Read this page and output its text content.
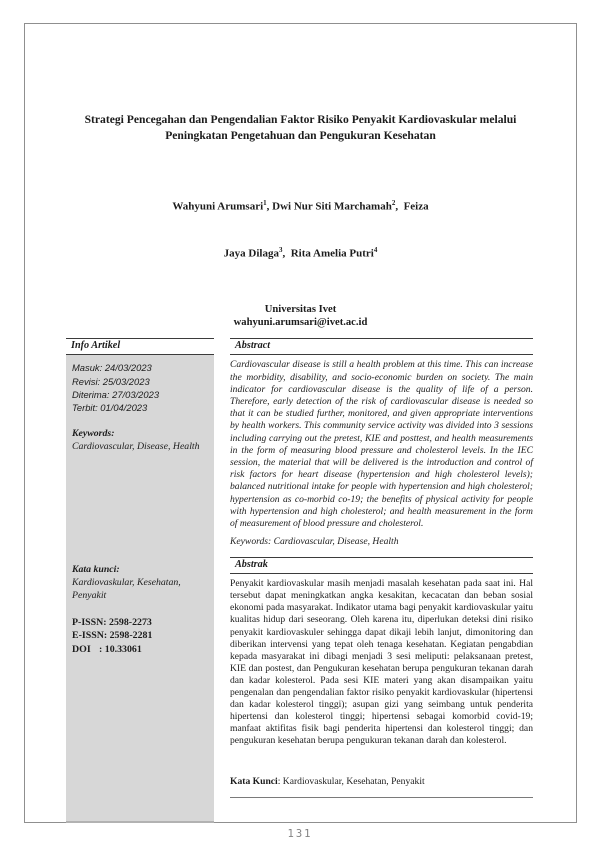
Strategi Pencegahan dan Pengendalian Faktor Risiko Penyakit Kardiovaskular melalui
Peningkatan Pengetahuan dan Pengukuran Kesehatan

Wahyuni Arumsari$^1$, Dwi Nur Siti Marchamah$^2$,  Feiza

Jaya Dilaga$^3$,  Rita Amelia Putri$^4$

Universitas Ivet
wahyuni.arumsari@ivet.ac.id
Info Artikel
Masuk: 24/03/2023
Revisi: 25/03/2023
Diterima: 27/03/2023
Terbit: 01/04/2023
Keywords:
Cardiovascular, Disease, Health
Kata kunci:
Kardiovaskular, Kesehatan, Penyakit
P-ISSN: 2598-2273
E-ISSN: 2598-2281
DOI : 10.33061
Abstract

Cardiovascular disease is still a health problem at this time. This can increase the morbidity, disability, and socio-economic burden on society. The main indicator for cardiovascular disease is the quality of life of a person. Therefore, early detection of the risk of cardiovascular disease is needed so that it can be studied further, monitored, and given appropriate interventions by health workers. This community service activity was divided into 3 sessions including carrying out the pretest, KIE and posttest, and health measurements in the form of measuring blood pressure and cholesterol levels. In the IEC session, the material that will be delivered is the introduction and control of risk factors for heart disease (hypertension and high cholesterol levels); balanced nutritional intake for people with hypertension and high cholesterol; hypertension as co-morbid co-19; the benefits of physical activity for people with hypertension and high cholesterol; and health measurement in the form of measurement of blood pressure and cholesterol.

Keywords: Cardiovascular, Disease, Health

Abstrak

Penyakit kardiovaskular masih menjadi masalah kesehatan pada saat ini. Hal tersebut dapat meningkatkan angka kesakitan, kecacatan dan beban sosial ekonomi pada masyarakat. Indikator utama bagi penyakit kardiovaskular yaitu kualitas hidup dari seseorang. Oleh karena itu, diperlukan deteksi dini risiko penyakit kardiovaskuler sehingga dapat dikaji lebih lanjut, dimonitoring dan diberikan intervensi yang tepat oleh tenaga kesehatan. Kegiatan pengabdian kepada masyarakat ini dibagi menjadi 3 sesi meliputi: pelaksanaan pretest, KIE dan postest, dan Pengukuran kesehatan berupa pengukuran tekanan darah dan kadar kolesterol. Pada sesi KIE materi yang akan disampaikan yaitu pengenalan dan pengendalian faktor risiko penyakit kardiovaskular (hipertensi dan kadar kolesterol tinggi); asupan gizi yang seimbang untuk penderita hipertensi dan kolesterol tinggi; hipertensi sebagai komorbid covid-19; manfaat aktifitas fisik bagi penderita hipertensi dan kolesterol tinggi; dan pengukuran kesehatan berupa pengukuran tekanan darah dan kolesterol.

Kata Kunci: Kardiovaskular, Kesehatan, Penyakit

131
